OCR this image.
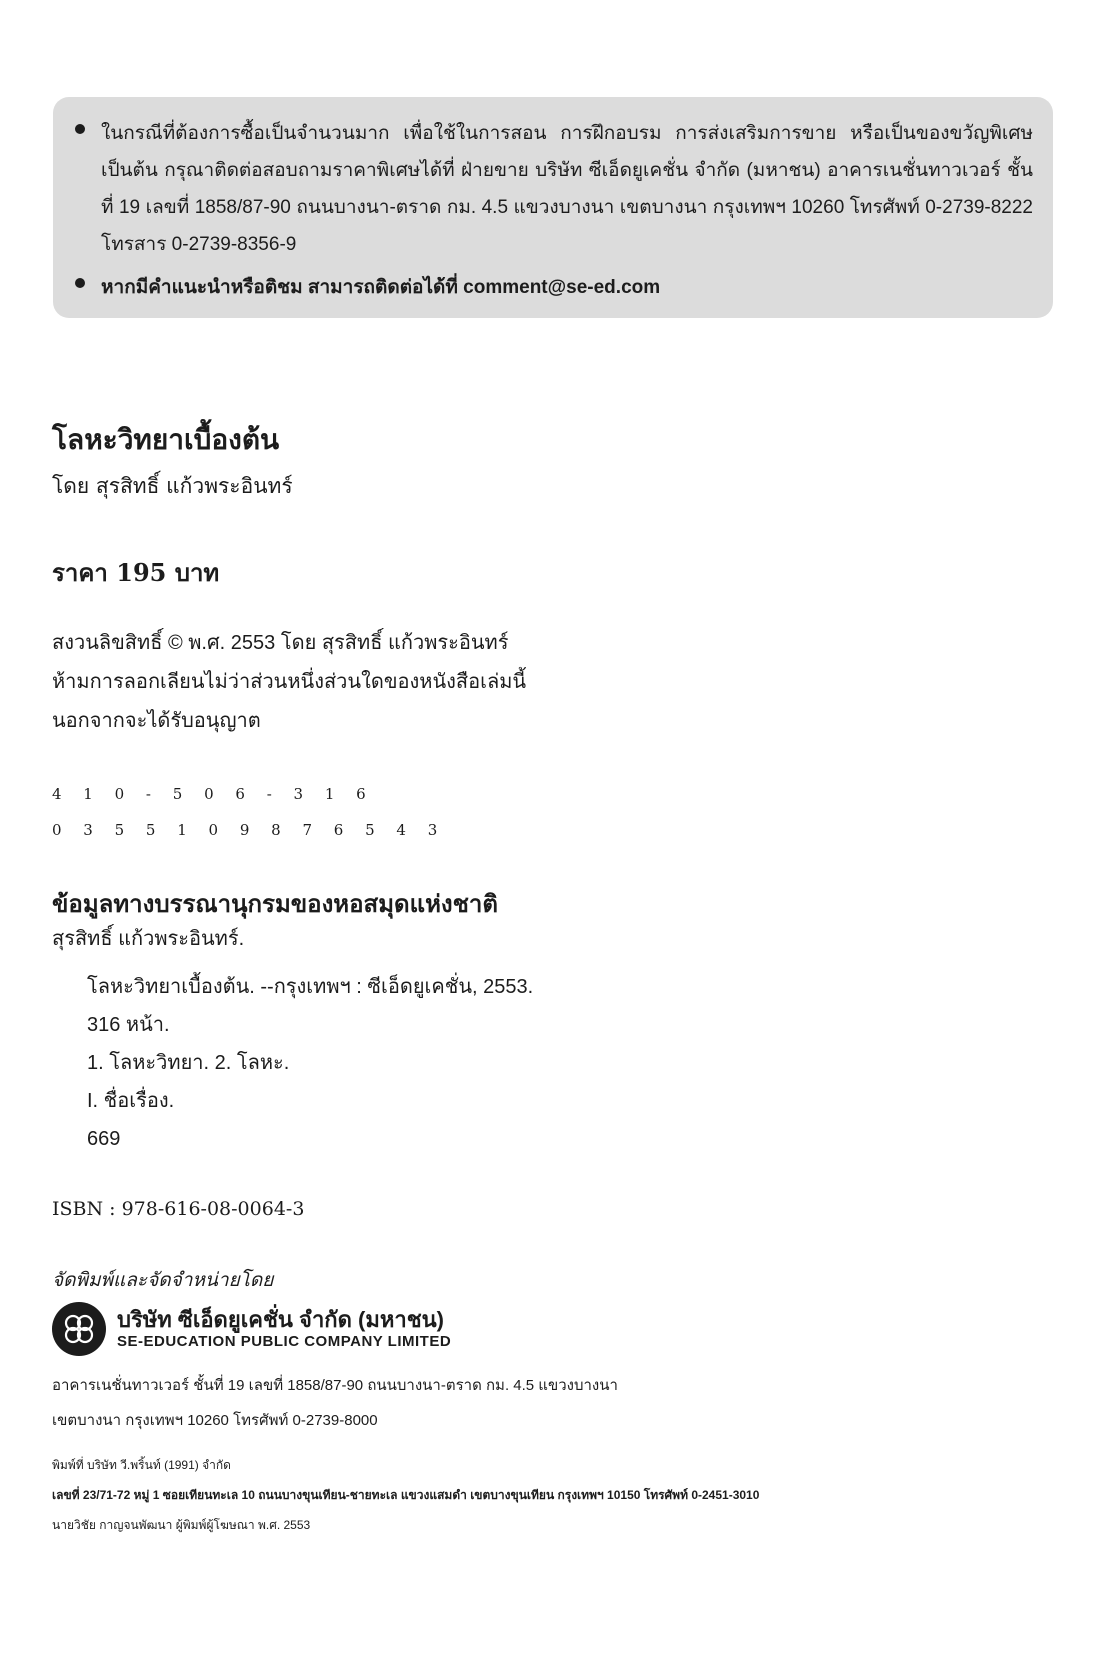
ในกรณีที่ต้องการซื้อเป็นจำนวนมาก เพื่อใช้ในการสอน การฝึกอบรม การส่งเสริมการขาย หรือเป็นของขวัญพิเศษ เป็นต้น กรุณาติดต่อสอบถามราคาพิเศษได้ที่ ฝ่ายขาย บริษัท ซีเอ็ดยูเคชั่น จำกัด (มหาชน) อาคารเนชั่นทาวเวอร์ ชั้นที่ 19 เลขที่ 1858/87-90 ถนนบางนา-ตราด กม. 4.5 แขวงบางนา เขตบางนา กรุงเทพฯ 10260 โทรศัพท์ 0-2739-8222 โทรสาร 0-2739-8356-9
หากมีคำแนะนำหรือติชม สามารถติดต่อได้ที่ comment@se-ed.com
โลหะวิทยาเบื้องต้น
โดย สุรสิทธิ์ แก้วพระอินทร์
ราคา 195 บาท
สงวนลิขสิทธิ์ © พ.ศ. 2553 โดย สุรสิทธิ์ แก้วพระอินทร์
ห้ามการลอกเลียนไม่ว่าส่วนหนึ่งส่วนใดของหนังสือเล่มนี้
นอกจากจะได้รับอนุญาต
4 1 0 - 5 0 6 - 3 1 6
0 3 5 5 1 0 9 8 7 6 5 4 3
ข้อมูลทางบรรณานุกรมของหอสมุดแห่งชาติ
สุรสิทธิ์ แก้วพระอินทร์.
โลหะวิทยาเบื้องต้น. --กรุงเทพฯ : ซีเอ็ดยูเคชั่น, 2553.
316 หน้า.
1. โลหะวิทยา. 2. โลหะ.
I. ชื่อเรื่อง.
669
ISBN : 978-616-08-0064-3
จัดพิมพ์และจัดจำหน่ายโดย
บริษัท ซีเอ็ดยูเคชั่น จำกัด (มหาชน)
SE-EDUCATION PUBLIC COMPANY LIMITED
อาคารเนชั่นทาวเวอร์ ชั้นที่ 19 เลขที่ 1858/87-90 ถนนบางนา-ตราด กม. 4.5 แขวงบางนา
เขตบางนา กรุงเทพฯ 10260 โทรศัพท์ 0-2739-8000
พิมพ์ที่ บริษัท วี.พริ้นท์ (1991) จำกัด
เลขที่ 23/71-72 หมู่ 1 ซอยเทียนทะเล 10 ถนนบางขุนเทียน-ชายทะเล แขวงแสมดำ เขตบางขุนเทียน กรุงเทพฯ 10150 โทรศัพท์ 0-2451-3010
นายวิชัย กาญจนพัฒนา ผู้พิมพ์ผู้โฆษณา พ.ศ. 2553
